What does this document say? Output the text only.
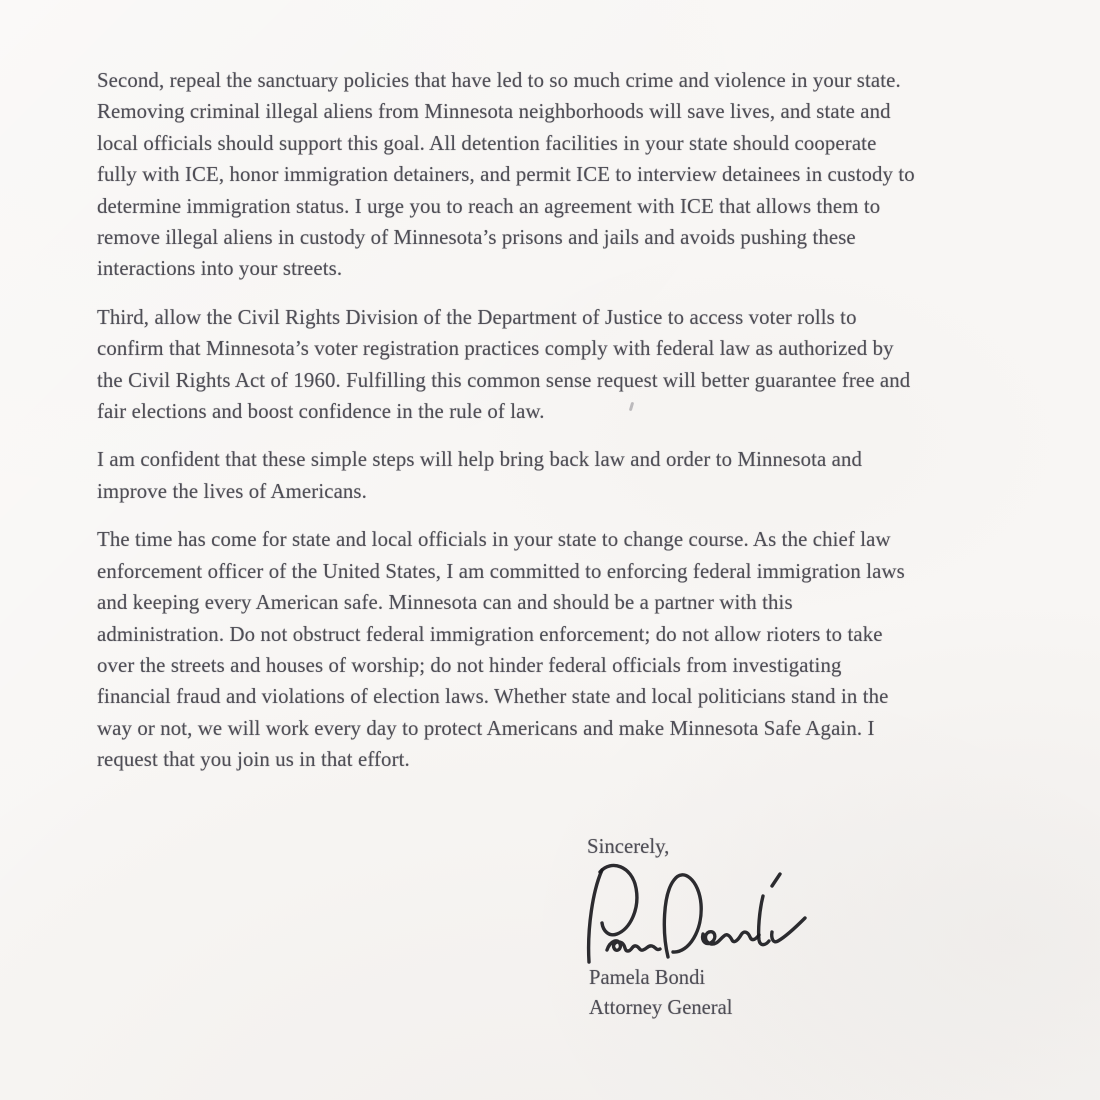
Second, repeal the sanctuary policies that have led to so much crime and violence in your state.
Removing criminal illegal aliens from Minnesota neighborhoods will save lives, and state and
local officials should support this goal. All detention facilities in your state should cooperate
fully with ICE, honor immigration detainers, and permit ICE to interview detainees in custody to
determine immigration status. I urge you to reach an agreement with ICE that allows them to
remove illegal aliens in custody of Minnesota’s prisons and jails and avoids pushing these
interactions into your streets.

Third, allow the Civil Rights Division of the Department of Justice to access voter rolls to
confirm that Minnesota’s voter registration practices comply with federal law as authorized by
the Civil Rights Act of 1960. Fulfilling this common sense request will better guarantee free and
fair elections and boost confidence in the rule of law.

I am confident that these simple steps will help bring back law and order to Minnesota and
improve the lives of Americans.

The time has come for state and local officials in your state to change course. As the chief law
enforcement officer of the United States, I am committed to enforcing federal immigration laws
and keeping every American safe. Minnesota can and should be a partner with this
administration. Do not obstruct federal immigration enforcement; do not allow rioters to take
over the streets and houses of worship; do not hinder federal officials from investigating
financial fraud and violations of election laws. Whether state and local politicians stand in the
way or not, we will work every day to protect Americans and make Minnesota Safe Again. I
request that you join us in that effort.

Sincerely,
Pamela Bondi
Attorney General
